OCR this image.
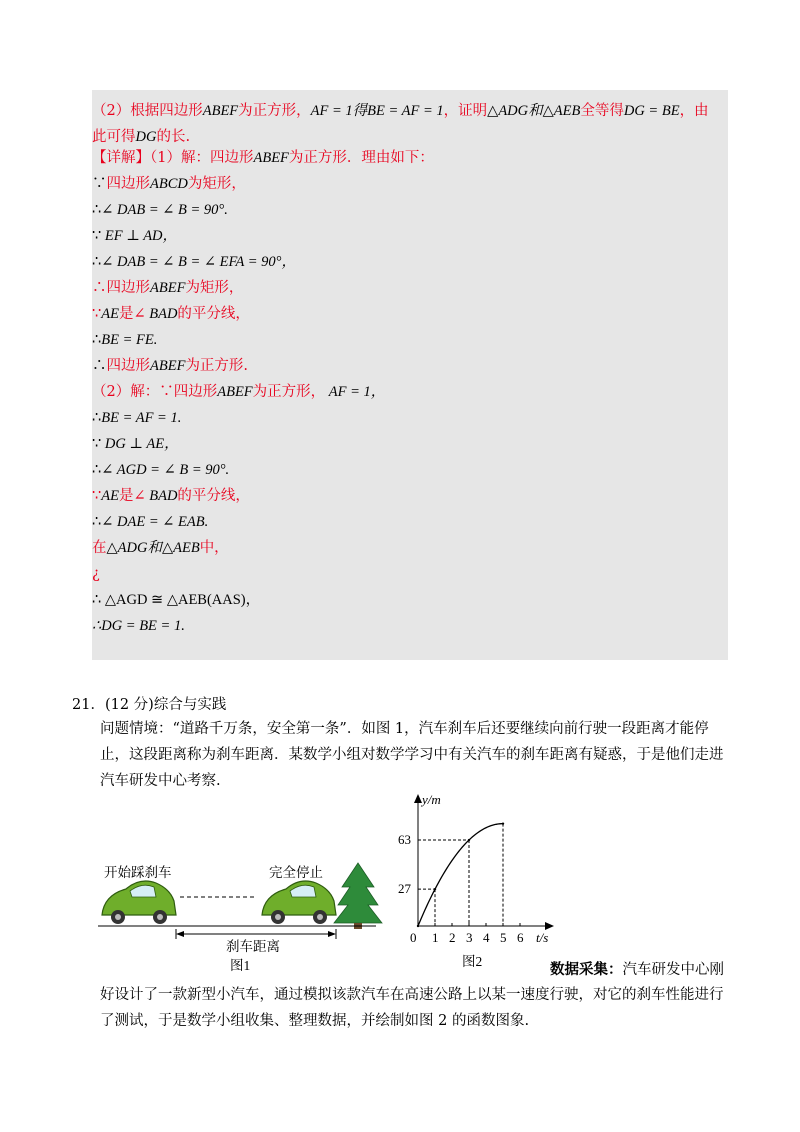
（2）根据四边形ABEF为正方形，AF = 1得BE = AF = 1，证明△ADG和△AEB全等得DG = BE，由
此可得DG的长.
【详解】（1）解：四边形ABEF为正方形．理由如下：
∵四边形ABCD为矩形，
∴∠ DAB = ∠ B = 90°.
∵ EF ⊥ AD，
∴∠ DAB = ∠ B = ∠ EFA = 90°，
∴四边形ABEF为矩形，
∵AE是∠ BAD的平分线，
∴BE = FE.
∴四边形ABEF为正方形.
（2）解：∵四边形ABEF为正方形， AF = 1，
∴BE = AF = 1.
∵ DG ⊥ AE，
∴∠ AGD = ∠ B = 90°.
∵AE是∠ BAD的平分线，
∴∠ DAE = ∠ EAB.
在△ADG和△AEB中，
¿
∴ △AGD ≅ △AEB(AAS)，
∴DG = BE = 1.
21．(12 分)综合与实践
问题情境：“道路千万条，安全第一条”．如图 1，汽车刹车后还要继续向前行驶一段距离才能停止，这段距离称为刹车距离．某数学小组对数学学习中有关汽车的刹车距离有疑惑，于是他们走进汽车研发中心考察.
开始踩刹车	完全停止
刹车距离
图1
y/m
t/s
0 1 2 3 4 5 6
27
63
图2
数据采集：汽车研发中心刚
好设计了一款新型小汽车，通过模拟该款汽车在高速公路上以某一速度行驶，对它的刹车性能进行了测试，于是数学小组收集、整理数据，并绘制如图 2 的函数图象.
